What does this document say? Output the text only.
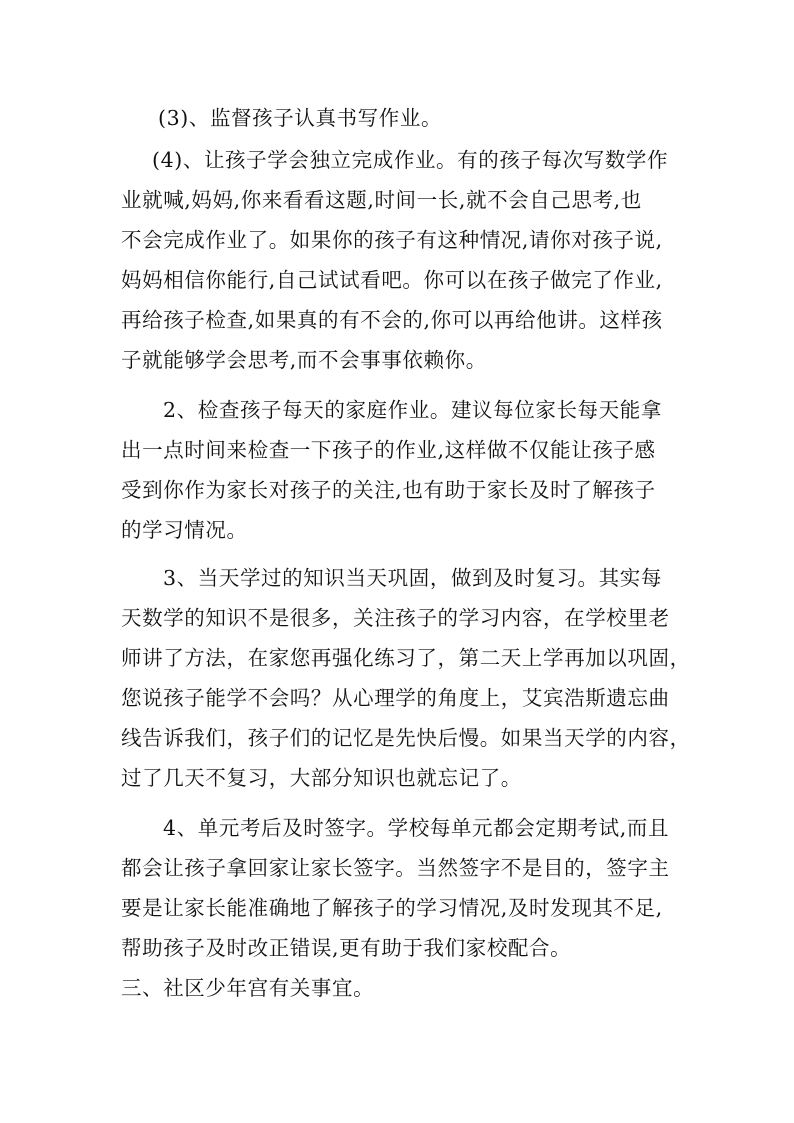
(3)、监督孩子认真书写作业。
(4)、让孩子学会独立完成作业。有的孩子每次写数学作
业就喊,妈妈,你来看看这题,时间一长,就不会自己思考,也
不会完成作业了。如果你的孩子有这种情况,请你对孩子说,
妈妈相信你能行,自己试试看吧。你可以在孩子做完了作业,
再给孩子检查,如果真的有不会的,你可以再给他讲。这样孩
子就能够学会思考,而不会事事依赖你。
2、检查孩子每天的家庭作业。建议每位家长每天能拿
出一点时间来检查一下孩子的作业,这样做不仅能让孩子感
受到你作为家长对孩子的关注,也有助于家长及时了解孩子
的学习情况。
3、当天学过的知识当天巩固，做到及时复习。其实每
天数学的知识不是很多，关注孩子的学习内容，在学校里老
师讲了方法，在家您再强化练习了，第二天上学再加以巩固，
您说孩子能学不会吗？从心理学的角度上，艾宾浩斯遗忘曲
线告诉我们，孩子们的记忆是先快后慢。如果当天学的内容，
过了几天不复习，大部分知识也就忘记了。
4、单元考后及时签字。学校每单元都会定期考试,而且
都会让孩子拿回家让家长签字。当然签字不是目的，签字主
要是让家长能准确地了解孩子的学习情况,及时发现其不足,
帮助孩子及时改正错误,更有助于我们家校配合。
三、社区少年宫有关事宜。
